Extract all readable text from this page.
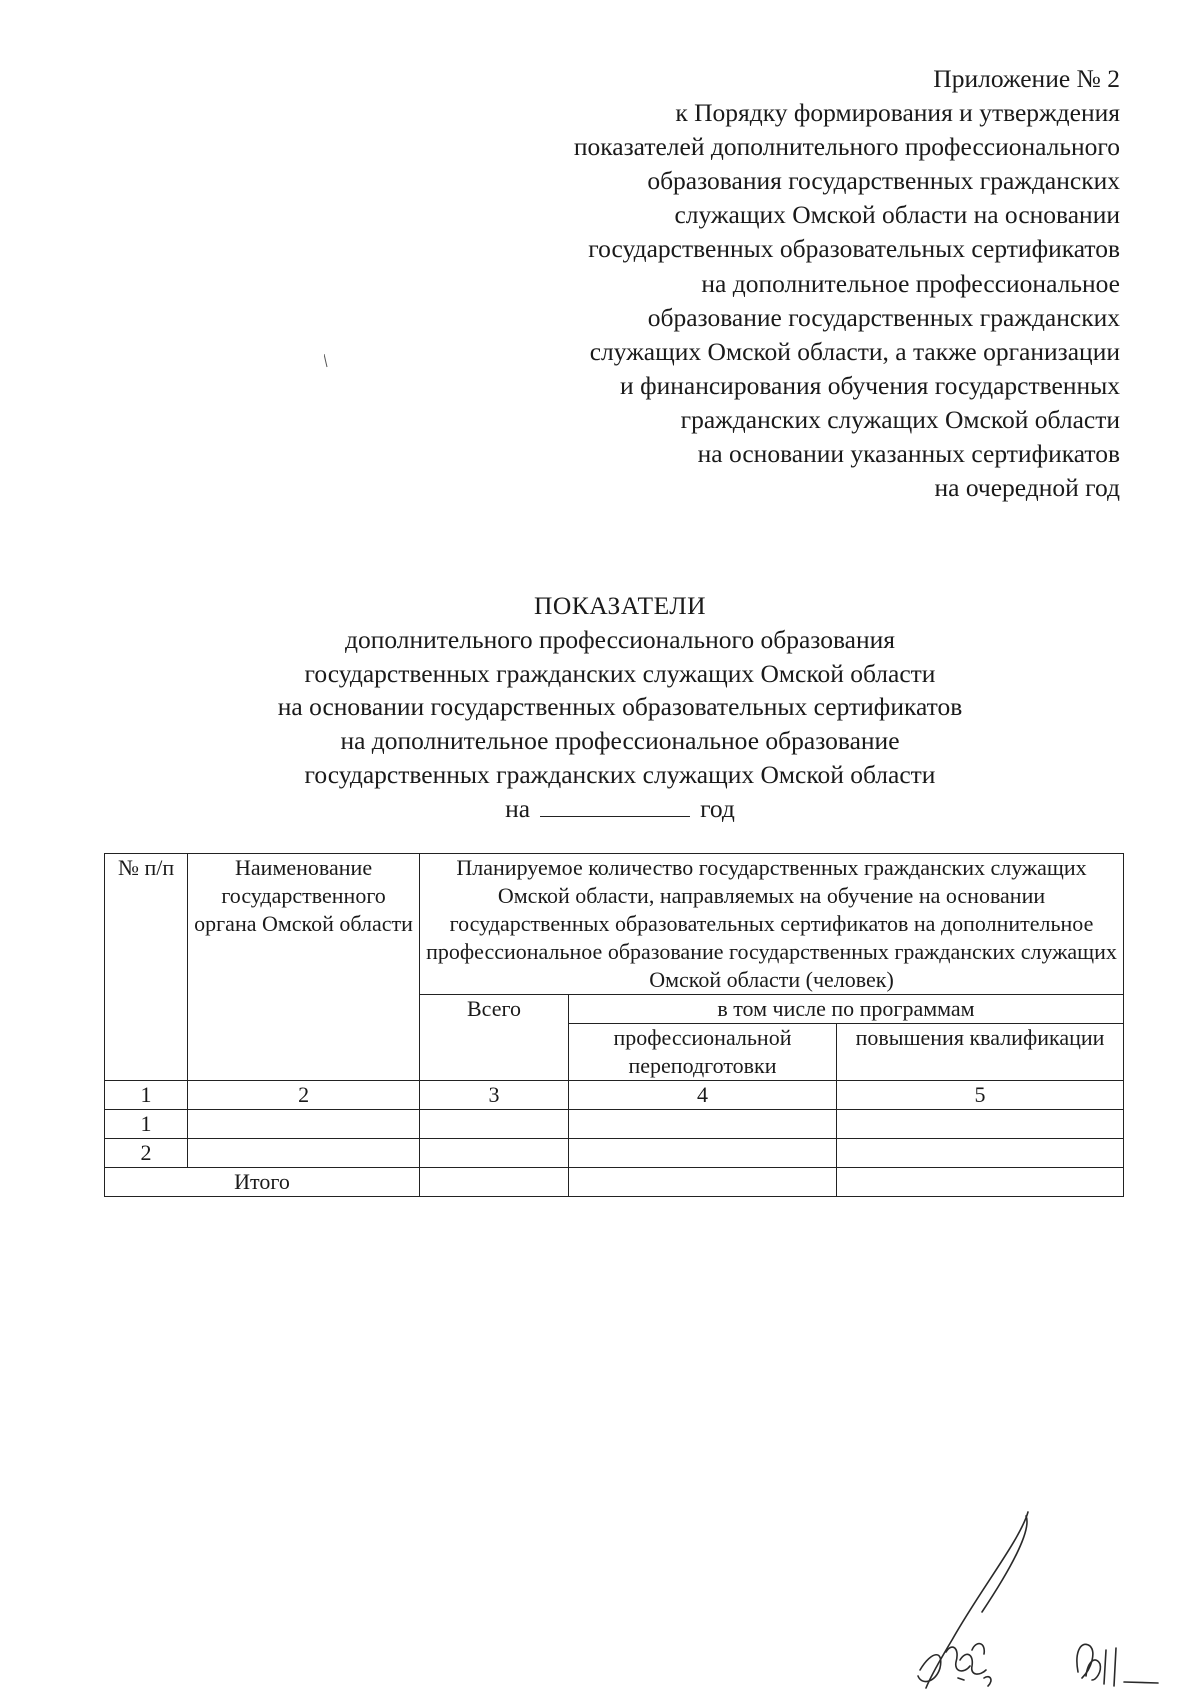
Приложение № 2
к Порядку формирования и утверждения
показателей дополнительного профессионального
образования государственных гражданских
служащих Омской области на основании
государственных образовательных сертификатов
на дополнительное профессиональное
образование государственных гражданских
служащих Омской области, а также организации
и финансирования обучения государственных
гражданских служащих Омской области
на основании указанных сертификатов
на очередной год
ПОКАЗАТЕЛИ
дополнительного профессионального образования
государственных гражданских служащих Омской области
на основании государственных образовательных сертификатов
на дополнительное профессиональное образование
государственных гражданских служащих Омской области
на	год
№ п/п	Наименование государственного органа Омской области	Планируемое количество государственных гражданских служащих Омской области, направляемых на обучение на основании государственных образовательных сертификатов на дополнительное профессиональное образование государственных гражданских служащих Омской области (человек)		
		Всего	в том числе по программам	
			профессиональной переподготовки	повышения квалификации
1	2	3	4	5
1				
2				
Итого				
